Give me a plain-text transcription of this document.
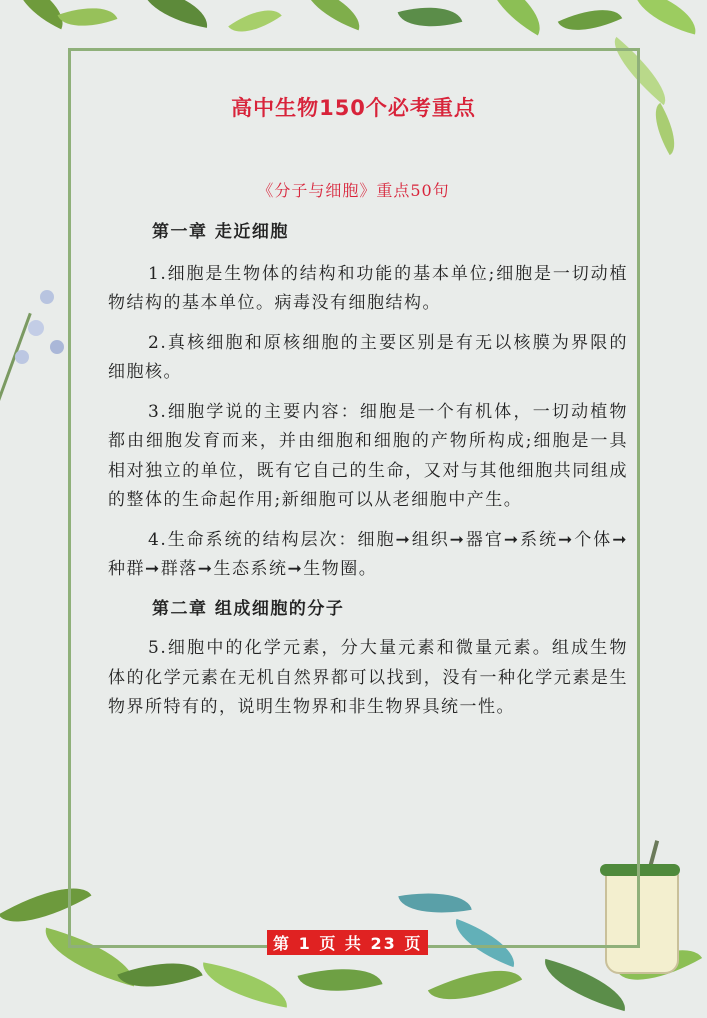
高中生物150个必考重点
《分子与细胞》重点50句

第一章 走近细胞

1.细胞是生物体的结构和功能的基本单位;细胞是一切动植物结构的基本单位。病毒没有细胞结构。

2.真核细胞和原核细胞的主要区别是有无以核膜为界限的细胞核。

3.细胞学说的主要内容：细胞是一个有机体，一切动植物都由细胞发育而来，并由细胞和细胞的产物所构成;细胞是一具相对独立的单位，既有它自己的生命，又对与其他细胞共同组成的整体的生命起作用;新细胞可以从老细胞中产生。

4.生命系统的结构层次：细胞➞组织➞器官➞系统➞个体➞种群➞群落➞生态系统➞生物圈。

第二章 组成细胞的分子

5.细胞中的化学元素，分大量元素和微量元素。组成生物体的化学元素在无机自然界都可以找到，没有一种化学元素是生物界所特有的，说明生物界和非生物界具统一性。

第 1 页 共 23 页
